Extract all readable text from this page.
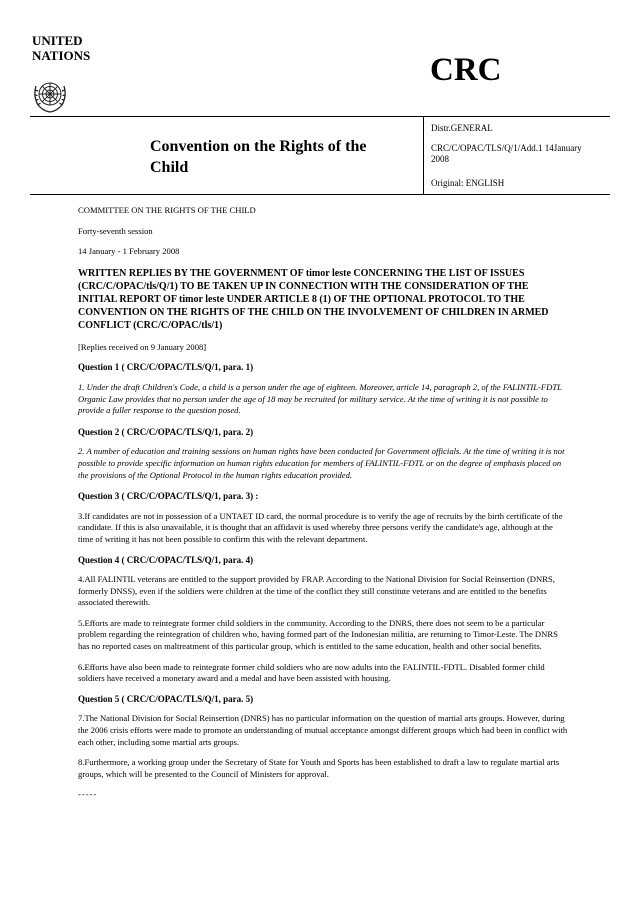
UNITED
NATIONS	CRC
Convention on the Rights of the Child
Distr.GENERAL
CRC/C/OPAC/TLS/Q/1/Add.1 14January 2008
Original: ENGLISH

COMMITTEE ON THE RIGHTS OF THE CHILD

Forty-seventh session

14 January - 1 February 2008

WRITTEN REPLIES BY THE GOVERNMENT OF timor leste CONCERNING THE LIST OF ISSUES (CRC/C/OPAC/tls/Q/1) TO BE TAKEN UP IN CONNECTION WITH THE CONSIDERATION OF THE INITIAL REPORT OF timor leste UNDER ARTICLE 8 (1) OF THE OPTIONAL PROTOCOL TO THE CONVENTION ON THE RIGHTS OF THE CHILD ON THE INVOLVEMENT OF CHILDREN IN ARMED CONFLICT (CRC/C/OPAC/tls/1)

[Replies received on 9 January 2008]

Question 1 ( CRC/C/OPAC/TLS/Q/1, para. 1)

1. Under the draft Children's Code, a child is a person under the age of eighteen. Moreover, article 14, paragraph 2, of the FALINTIL-FDTL Organic Law provides that no person under the age of 18 may be recruited for military service. At the time of writing it is not possible to provide a fuller response to the question posed.

Question 2 ( CRC/C/OPAC/TLS/Q/1, para. 2)

2. A number of education and training sessions on human rights have been conducted for Government officials. At the time of writing it is not possible to provide specific information on human rights education for members of FALINTIL-FDTL or on the degree of emphasis placed on the provisions of the Optional Protocol in the human rights education provided.

Question 3 ( CRC/C/OPAC/TLS/Q/1, para. 3) :

3.If candidates are not in possession of a UNTAET ID card, the normal procedure is to verify the age of recruits by the birth certificate of the candidate. If this is also unavailable, it is thought that an affidavit is used whereby three persons verify the candidate's age, although at the time of writing it has not been possible to confirm this with the relevant department.

Question 4 ( CRC/C/OPAC/TLS/Q/1, para. 4)

4.All FALINTIL veterans are entitled to the support provided by FRAP. According to the National Division for Social Reinsertion (DNRS, formerly DNSS), even if the soldiers were children at the time of the conflict they still constitute veterans and are entitled to the benefits associated therewith.

5.Efforts are made to reintegrate former child soldiers in the community. According to the DNRS, there does not seem to be a particular problem regarding the reintegration of children who, having formed part of the Indonesian militia, are returning to Timor-Leste. The DNRS has no reported cases on maltreatment of this particular group, which is entitled to the same education, health and other social benefits.

6.Efforts have also been made to reintegrate former child soldiers who are now adults into the FALINTIL-FDTL. Disabled former child soldiers have received a monetary award and a medal and have been assisted with housing.

Question 5 ( CRC/C/OPAC/TLS/Q/1, para. 5)

7.The National Division for Social Reinsertion (DNRS) has no particular information on the question of martial arts groups. However, during the 2006 crisis efforts were made to promote an understanding of mutual acceptance amongst different groups which had been in conflict with each other, including some martial arts groups.

8.Furthermore, a working group under the Secretary of State for Youth and Sports has been established to draft a law to regulate martial arts groups, which will be presented to the Council of Ministers for approval.

-----
